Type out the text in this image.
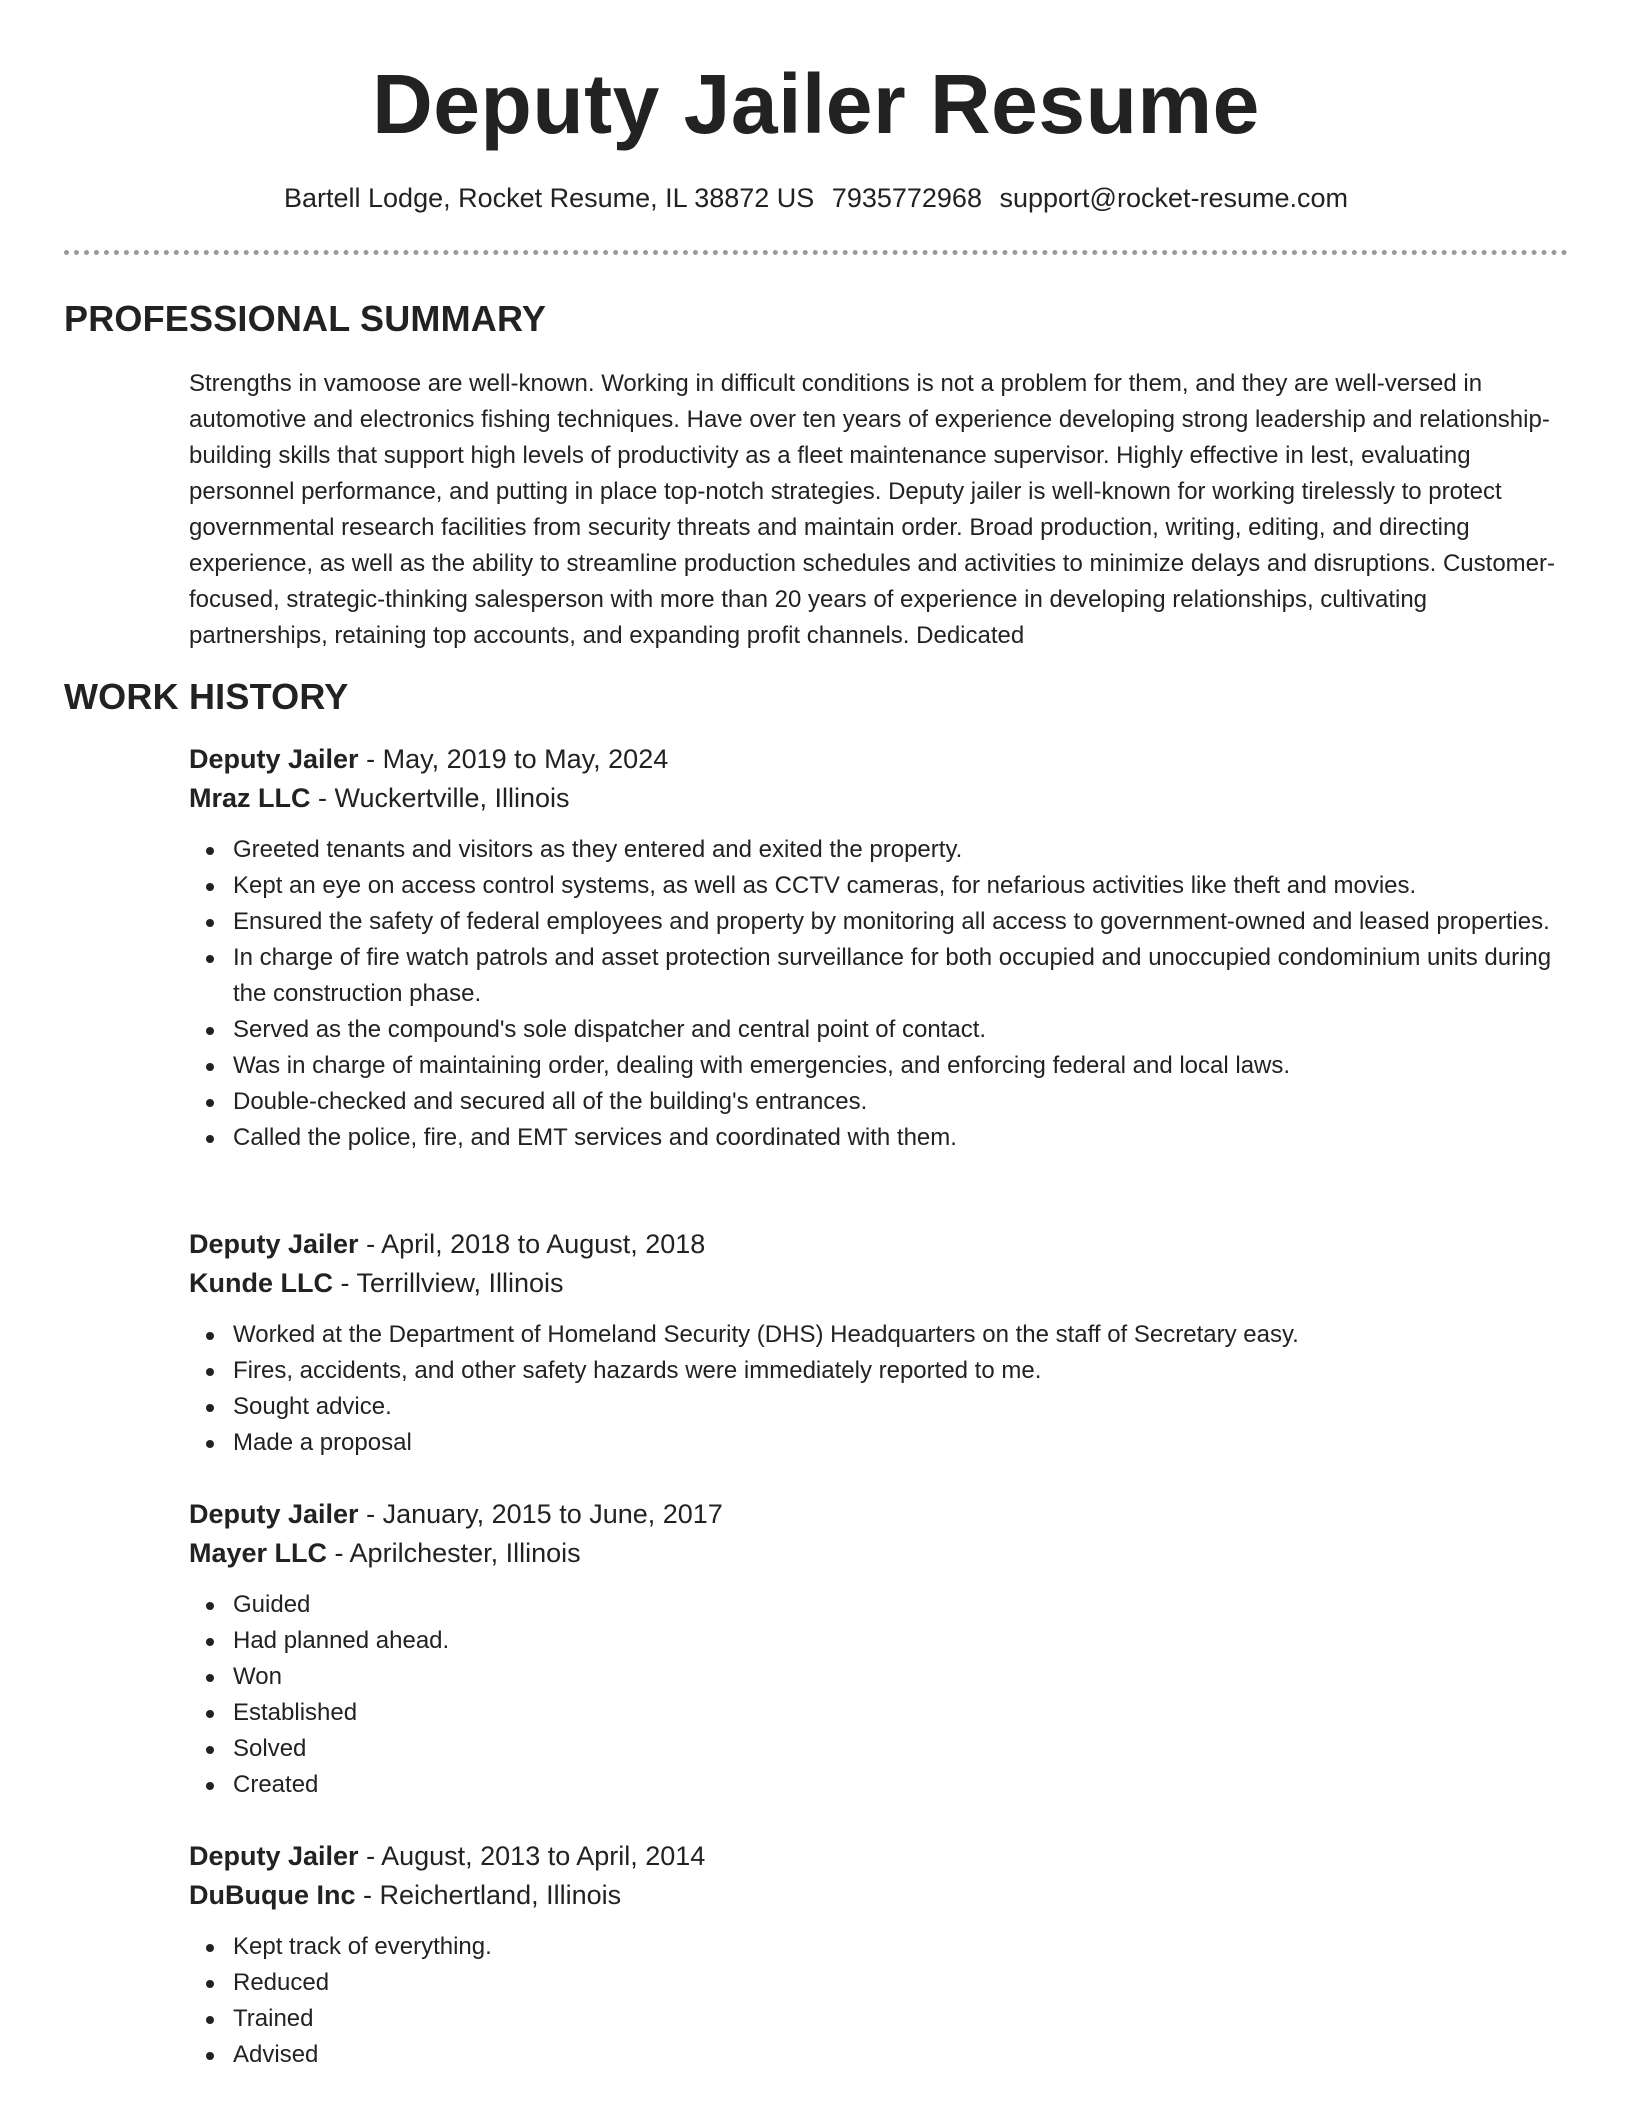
Deputy Jailer Resume
Bartell Lodge, Rocket Resume, IL 38872 US 7935772968 support@rocket-resume.com
PROFESSIONAL SUMMARY
Strengths in vamoose are well-known. Working in difficult conditions is not a problem for them, and they are well-versed in automotive and electronics fishing techniques. Have over ten years of experience developing strong leadership and relationship-building skills that support high levels of productivity as a fleet maintenance supervisor. Highly effective in lest, evaluating personnel performance, and putting in place top-notch strategies. Deputy jailer is well-known for working tirelessly to protect governmental research facilities from security threats and maintain order. Broad production, writing, editing, and directing experience, as well as the ability to streamline production schedules and activities to minimize delays and disruptions. Customer-focused, strategic-thinking salesperson with more than 20 years of experience in developing relationships, cultivating partnerships, retaining top accounts, and expanding profit channels. Dedicated
WORK HISTORY
Deputy Jailer - May, 2019 to May, 2024
Mraz LLC - Wuckertville, Illinois
Greeted tenants and visitors as they entered and exited the property.
Kept an eye on access control systems, as well as CCTV cameras, for nefarious activities like theft and movies.
Ensured the safety of federal employees and property by monitoring all access to government-owned and leased properties.
In charge of fire watch patrols and asset protection surveillance for both occupied and unoccupied condominium units during the construction phase.
Served as the compound's sole dispatcher and central point of contact.
Was in charge of maintaining order, dealing with emergencies, and enforcing federal and local laws.
Double-checked and secured all of the building's entrances.
Called the police, fire, and EMT services and coordinated with them.
Deputy Jailer - April, 2018 to August, 2018
Kunde LLC - Terrillview, Illinois
Worked at the Department of Homeland Security (DHS) Headquarters on the staff of Secretary easy.
Fires, accidents, and other safety hazards were immediately reported to me.
Sought advice.
Made a proposal
Deputy Jailer - January, 2015 to June, 2017
Mayer LLC - Aprilchester, Illinois
Guided
Had planned ahead.
Won
Established
Solved
Created
Deputy Jailer - August, 2013 to April, 2014
DuBuque Inc - Reichertland, Illinois
Kept track of everything.
Reduced
Trained
Advised
